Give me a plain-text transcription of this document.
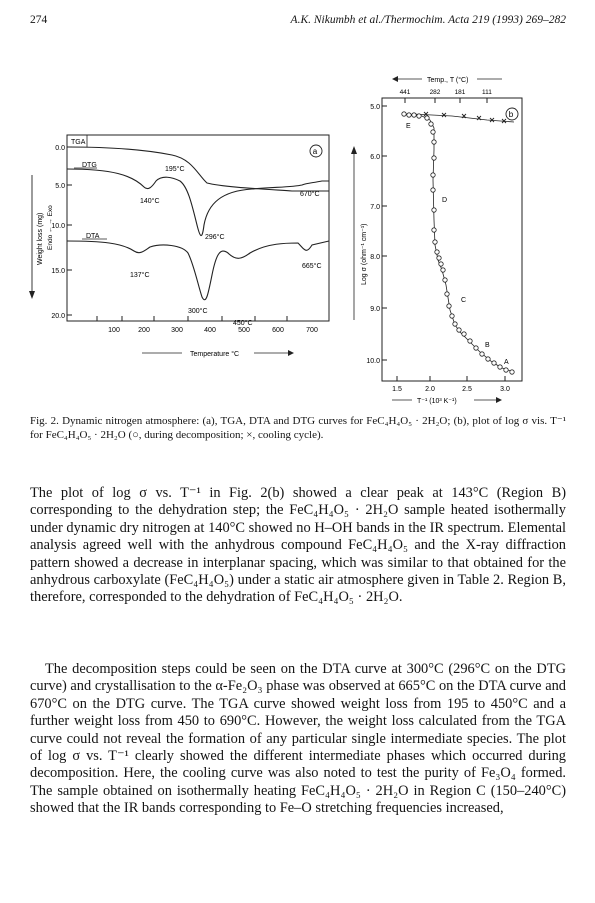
274	A.K. Nikumbh et al./Thermochim. Acta 219 (1993) 269–282
TGA
a
0.0
5.0
10.0
15.0
20.0
Weight loss (mg) Endo ← → Exo
100	200	300	400	500	600	700
Temperature °C
DTG
DTA
195°C
140°C
670°C
296°C
665°C
137°C
300°C
450°C
Temp., T (°C)
441	282 181	111
b
5.0
6.0
7.0
8.0
9.0
10.0
Log σ (ohm⁻¹ cm⁻¹)
1.5	2.0	2.5	3.0
T⁻¹ (10³ K⁻¹)
E
D
C
B
A
Fig. 2. Dynamic nitrogen atmosphere: (a), TGA, DTA and DTG curves for FeC₄H₄O₅ · 2H₂O; (b), plot of log σ vis. T⁻¹ for FeC₄H₄O₅ · 2H₂O (○, during decomposition; ×, cooling cycle).

The plot of log σ vs. T⁻¹ in Fig. 2(b) showed a clear peak at 143°C (Region B) corresponding to the dehydration step; the FeC₄H₄O₅ · 2H₂O sample heated isothermally under dynamic dry nitrogen at 140°C showed no H–OH bands in the IR spectrum. Elemental analysis agreed well with the anhydrous compound FeC₄H₄O₅ and the X-ray diffraction pattern showed a decrease in interplanar spacing, which was similar to that obtained for the anhydrous carboxylate (FeC₄H₄O₅) under a static air atmosphere given in Table 2. Region B, therefore, corresponded to the dehydration of FeC₄H₄O₅ · 2H₂O.

The decomposition steps could be seen on the DTA curve at 300°C (296°C on the DTG curve) and crystallisation to the α-Fe₂O₃ phase was observed at 665°C on the DTA curve and 670°C on the DTG curve. The TGA curve showed weight loss from 195 to 450°C and a further weight loss from 450 to 690°C. However, the weight loss calculated from the TGA curve could not reveal the formation of any particular single intermediate species. The plot of log σ vs. T⁻¹ clearly showed the different intermediate phases which occurred during decomposition. Here, the cooling curve was also noted to test the purity of Fe₃O₄ formed. The sample obtained on isothermally heating FeC₄H₄O₅ · 2H₂O in Region C (150–240°C) showed that the IR bands corresponding to Fe–O stretching frequencies increased,
